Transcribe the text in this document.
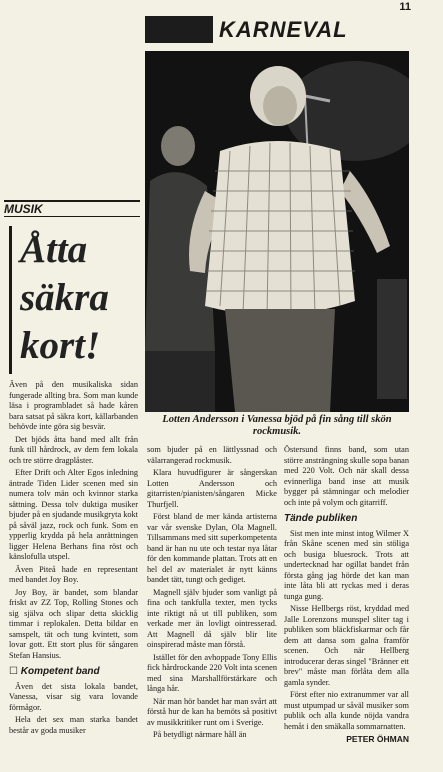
11
KARNEVAL
Lotten Andersson i Vanessa bjöd på fin sång till skön rockmusik.
MUSIK
Åtta
säkra
kort!

Även på den musikaliska sidan fungerade allting bra. Som man kunde läsa i programbladet så hade kåren bara satsat på säkra kort, källarbanden behövde inte göra sig besvär.

Det bjöds åtta band med allt från funk till hårdrock, av dem fem lokala och tre större dragplåster.

Efter Drift och Alter Egos inledning äntrade Tiden Lider scenen med sin numera tolv män och kvinnor starka sättning. Dessa tolv duktiga musiker bjuder på en sjudande musikgryta kokt på såväl jazz, rock och funk. Som en ypperlig krydda på hela anrättningen ligger Helena Berhans fina röst och känslofulla utspel.

Även Piteå hade en representant med bandet Joy Boy.

Joy Boy, är bandet, som blandar friskt av ZZ Top, Rolling Stones och sig själva och slipar detta skicklig timmar i replokalen. Detta bildar en samspelt, tät och tung kvintett, som lovar gott. Ett stort plus för sångaren Stefan Hansius.

☐ Kompetent band

Även det sista lokala bandet, Vanessa, visar sig vara lovande förmågor.

Hela det sex man starka bandet består av goda musiker

som bjuder på en lättlyssnad och välarrangerad rockmusik.

Klara huvudfigurer är sångerskan Lotten Andersson och gitarristen/pianisten/sångaren Micke Thurfjell.

Först bland de mer kända artisterna var vår svenske Dylan, Ola Magnell. Tillsammans med sitt superkompetenta band är han nu ute och testar nya låtar för den kommande plattan. Trots att en hel del av materialet är nytt känns bandet tätt, tungt och gediget.

Magnell själv bjuder som vanligt på fina och tankfulla texter, men tycks inte riktigt nå ut till publiken, som verkade mer än lovligt ointresserad. Att Magnell då själv blir lite oinspirerad måste man förstå.

Istället för den avhoppade Tony Ellis fick hårdrockande 220 Volt inta scenen med sina Marshallförstärkare och långa hår.

När man hör bandet har man svårt att förstå hur de kan ha bemöts så positivt av musikkritiker runt om i Sverige.

På betydligt närmare håll än

Östersund finns band, som utan större ansträngning skulle sopa banan med 220 Volt. Och när skall dessa evinnerliga band inse att musik bygger på stämningar och melodier och inte på volym och gitarriff.

Tände publiken

Sist men inte minst intog Wilmer X från Skåne scenen med sin stöliga och busiga bluesrock. Trots att undertecknad har ogillat bandet från första gång jag hörde det kan man inte låta bli att ryckas med i deras tunga gung.

Nisse Hellbergs röst, kryddad med Jalle Lorenzons munspel sliter tag i publiken som bläckfiskarmar och får dem att dansa som galna framför scenen. Och när Hellberg introducerar deras singel "Bränner ett brev" måste man förlåta dem alla gamla synder.

Först efter nio extranummer var all must utpumpad ur såväl musiker som publik och alla kunde nöjda vandra hemåt i den smäkalla sommarnatten.

PETER ÖHMAN
